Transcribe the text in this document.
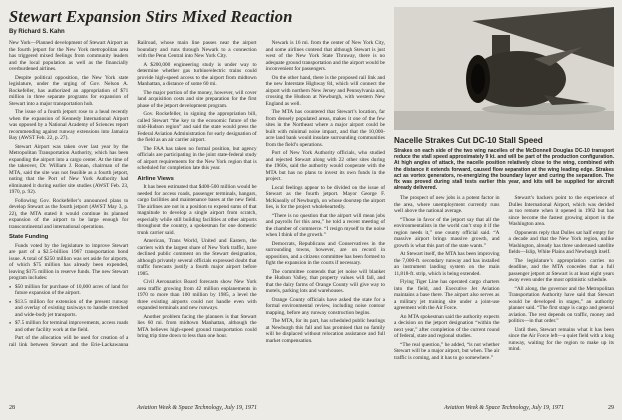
Stewart Expansion Stirs Mixed Reaction
By Richard S. Kahn

New York—Planned development of Stewart Airport as the fourth jetport for the New York metropolitan area has triggered mixed feelings from community leaders and the local population as well as the financially overburdened airlines.

Despite political opposition, the New York state legislature, under the urging of Gov. Nelson A. Rockefeller, has authorized an appropriation of $71 million in three separate programs for expansion of Stewart into a major transportation hub.

The issue of a fourth jetport rose to a head recently when the expansion of Kennedy International Airport was opposed by a National Academy of Sciences report recommending against runway extensions into Jamaica Bay (AWST Feb. 22, p. 27).

Stewart Airport was taken over last year by the Metropolitan Transportation Authority, which has been expanding the airport into a cargo center. At the time of the takeover, Dr. William J. Ronan, chairman of the MTA, said the site was not feasible as a fourth jetport, noting that the Port of New York Authority had eliminated it during earlier site studies (AWST Feb. 23, 1970, p. 92).

Following Gov. Rockefeller’s announced plans to develop Stewart as the fourth jetport (AWST May 3, p. 22), the MTA stated it would continue its planned expansion of the airport to be large enough for transcontinental and international operations.

State Funding

Funds voted by the legislature to improve Stewart are part of a $2.5-billion 1967 transportation bond issue. A total of $250 million was set aside for airports, of which $75 million has already been expended, leaving $175 million in reserve funds. The new Stewart program includes:

● $50 million for purchase of 10,000 acres of land for future expansion of the airport.

● $13.5 million for extension of the present runway and overlay of existing taxiways to handle stretched and wide-body jet transports.

● $7.5 million for terminal improvements, access roads and other facility work at the field.

Part of the allocation will be used for creation of a rail link between Stewart and the Erie-Lackawanna Railroad, whose main line passes near the airport boundary and runs through Newark to a connection with the Penn Central into New York City.

A $200,000 engineering study is under way to determine whether gas turbine/electric trains could provide high-speed access to the airport from midtown Manhattan, a distance of some 60 mi.

The major portion of the money, however, will cover land acquisition costs and site preparation for the first phase of the jetport development program.

Gov. Rockefeller, in signing the appropriation bill, called Stewart “the key to the economic future of the mid-Hudson region” and said the state would press the Federal Aviation Administration for early designation of the field as an air carrier airport.

The FAA has taken no formal position, but agency officials are participating in the joint state-federal study of airport requirements for the New York region that is scheduled for completion late this year.

Airline Views

It has been estimated that $400-500 million would be needed for access roads, passenger terminals, hangars, cargo facilities and maintenance bases at the new field. The airlines are not in a position to expend sums of that magnitude to develop a single airport from scratch, especially while still building facilities at other airports throughout the country, a spokesman for one domestic trunk carrier said.

American, Trans World, United and Eastern, the carriers with the largest share of New York traffic, have declined public comment on the Stewart designation, although privately several officials expressed doubt that traffic forecasts justify a fourth major airport before 1985.

Civil Aeronautics Board forecasts show New York area traffic growing from 42 million enplanements in 1970 to more than 100 million by 1985, a level the three existing airports could not handle even with expanded terminals and new runways.

Another problem facing the planners is that Stewart lies 60 mi. from midtown Manhattan, although the MTA believes high-speed ground transportation could bring trip time down to less than one hour.

Newark is 16 mi. from the center of New York City, and some airlines contend that although Stewart is just west of the New York State Thruway, there is no adequate ground transportation and the airport would be inconvenient for passengers.

On the other hand, there is the proposed rail link and the new Interstate Highway 84, which will connect the airport with northern New Jersey and Pennsylvania and, crossing the Hudson at Newburgh, with western New England as well.

The MTA has countered that Stewart’s location, far from densely populated areas, makes it one of the few sites in the Northeast where a major airport could be built with minimal noise impact, and that the 10,000-acre land bank would insulate surrounding communities from the field’s operations.

Port of New York Authority officials, who studied and rejected Stewart along with 22 other sites during the 1960s, said the authority would cooperate with the MTA but has no plans to invest its own funds in the project.

Local feelings appear to be divided on the issue of Stewart as the fourth jetport. Mayor George F. McKneally of Newburgh, on whose doorstep the airport lies, is for the project wholeheartedly.

“There is no question that the airport will mean jobs and payrolls for this area,” he told a recent meeting of the chamber of commerce. “I resign myself to the noise when I think of the growth.”

Democrats, Republicans and Conservatives in the surrounding towns, however, are on record in opposition, and a citizens committee has been formed to fight the expansion in the courts if necessary.

The committee contends that jet noise will blanket the Hudson Valley, that property values will fall, and that the dairy farms of Orange County will give way to motels, parking lots and warehouses.

Orange County officials have asked the state for a formal environmental review, including noise contour mapping, before any runway construction begins.

The MTA, for its part, has scheduled public hearings at Newburgh this fall and has promised that no family will be displaced without relocation assistance and full market compensation.

28	Aviation Week & Space Technology, July 19, 1971
Nacelle Strakes Cut DC-10 Stall Speed
Strakes on each side of the two wing nacelles of the McDonnell Douglas DC-10 transport reduce the stall speed approximately 9 kt. and will be part of the production configuration. At high angles of attack, the nacelle position relatively close to the wing, combined with the distance it extends forward, caused flow separation at the wing leading edge. Strakes act as vortex generators, re-energizing the boundary layer and curing the separation. The fix was proved during stall tests earlier this year, and kits will be supplied for aircraft already delivered.

The prospect of new jobs is a potent factor in the area, where unemployment currently runs well above the national average.

“Those in favor of the jetport say that all the environmentalists in the world can’t stop it if the region needs it,” one county official said. “A massive airport brings massive growth, and growth is what this part of the state wants.”

At Stewart itself, the MTA has been improving the 7,000-ft. secondary runway and has installed an instrument landing system on the main 11,818-ft. strip, which is being extended.

Flying Tiger Line has operated cargo charters into the field, and Executive Jet Aviation maintains a base there. The airport also serves as a military jet training site under a joint-use agreement with the Air Force.

An MTA spokesman said the authority expects a decision on the jetport designation “within the next year,” after completion of the current round of federal, state and regional studies.

“The real question,” he added, “is not whether Stewart will be a major airport, but when. The air traffic is coming, and it has to go somewhere.”

Stewart’s backers point to the experience of Dulles International Airport, which was derided as too remote when it opened in 1962 but has since become the fastest growing airport in the Washington area.

Opponents reply that Dulles sat half empty for a decade and that the New York region, unlike Washington, already has three underused satellite fields—Islip, White Plains and Newburgh itself.

The legislature’s appropriation carries no deadline, and the MTA concedes that a full passenger jetport at Stewart is at least eight years away even under the most optimistic schedule.

“All along, the governor and the Metropolitan Transportation Authority have said that Stewart would be developed in stages,” an authority planner said. “The first stage is cargo and general aviation. The rest depends on traffic, money and politics—in that order.”

Until then, Stewart remains what it has been since the Air Force left—a quiet field with a long runway, waiting for the region to make up its mind.

Aviation Week & Space Technology, July 19, 1971	29
